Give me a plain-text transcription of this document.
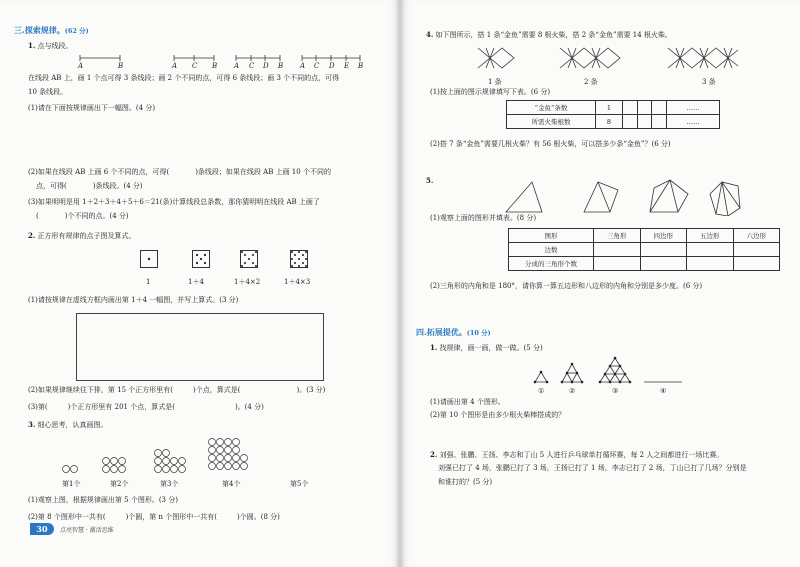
三.探索规律。(62 分)
1. 点与线段。
A	B	A C B A C D B A C D E B
在线段 AB 上，画 1 个点可得 3 条线段；画 2 个不同的点，可得 6 条线段；画 3 个不同的点，可得
10 条线段。
(1)请在下面按规律画出下一幅图。(4 分)
(2)如果在线段 AB 上画 6 个不同的点，可得(	)条线段；如果在线段 AB 上画 10 个不同的
点，可得(	)条线段。(4 分)
(3)如果明明是用 1＋2＋3＋4＋5＋6＝21(条)计算线段总条数，那你猜明明在线段 AB 上画了
(	)个不同的点。(4 分)
2. 正方形有规律的点子图及算式。
1	1＋4	1＋4×2	1＋4×3
(1)请按规律在虚线方框内画出第 1＋4 一幅图，并写上算式。(3 分)
(2)如果规律继续往下排，第 15 个正方形里有(	)个点，算式是(	)。(3 分)
(3)第(	)个正方形里有 201 个点，算式是(	)。(4 分)
3. 细心思考，认真画图。
第1个	第2个	第3个	第4个	第5个
(1)观察上图，根据规律画出第 5 个图形。(3 分)
(2)第 8 个图形中一共有(	)个圆，第 n 个图形中一共有(	)个圆。(8 分)
30	点亮智慧 · 激活思维
4. 如下图所示，搭 1 条“金鱼”需要 8 根火柴，搭 2 条“金鱼”需要 14 根火柴。
1 条	2 条	3 条
(1)按上面的图示规律填写下表。(6 分)
“金鱼”条数	1				……
所需火柴根数	8				……
(2)搭 7 条“金鱼”需要几根火柴？有 56 根火柴，可以搭多少条“金鱼”？(6 分)
5.
(1)观察上面的图形并填表。(8 分)
图形	三角形	四边形	五边形	六边形
边数				
分成的三角形个数				
(2)三角形的内角和是 180°，请你算一算五边形和八边形的内角和分别是多少度。(6 分)
四.拓展提优。(10 分)
1. 找规律，画一画，做一做。(5 分)
①	②	③	④
(1)请画出第 4 个图形。
(2)第 10 个图形是由多少根火柴棒搭成的？
2. 刘强、张鹏、王扬、李志和丁山 5 人进行乒乓球单打循环赛，每 2 人之间都进行一场比赛。
刘强已打了 4 场，张鹏已打了 3 场，王扬已打了 1 场，李志已打了 2 场，丁山已打了几场？分别是
和谁打的？(5 分)
